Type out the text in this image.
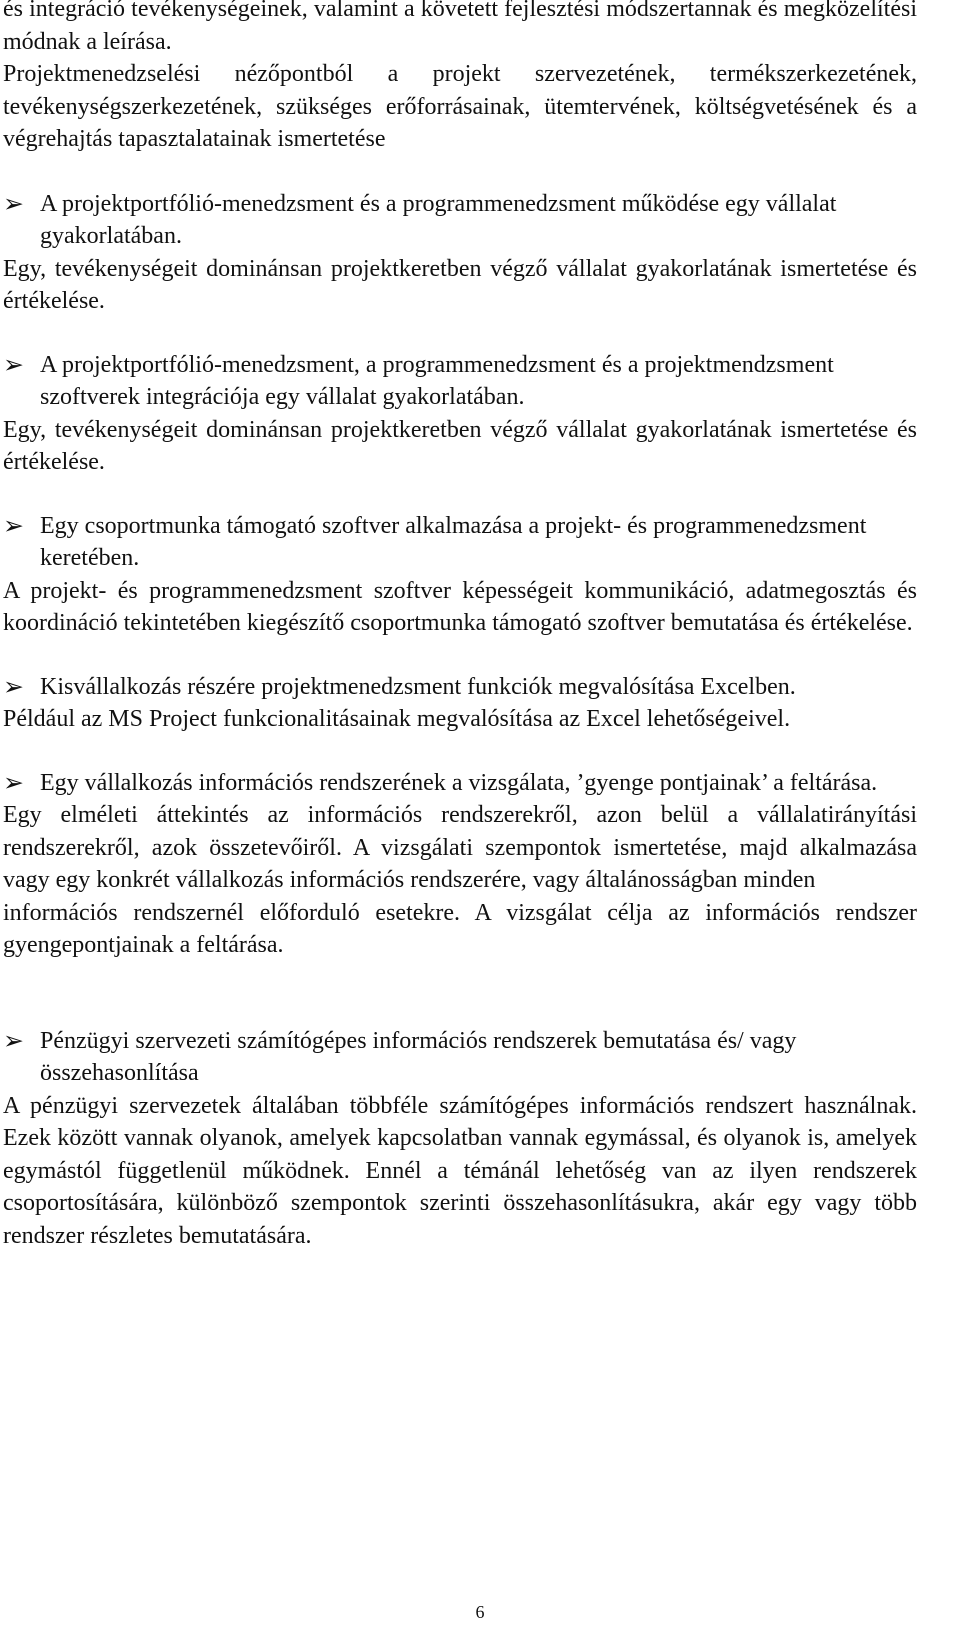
és integráció tevékenységeinek, valamint a követett fejlesztési módszertannak és megközelítési módnak a leírása.

Projektmenedzselési nézőpontból a projekt szervezetének, termékszerkezetének, tevékenységszerkezetének, szükséges erőforrásainak, ütemtervének, költségvetésének és a végrehajtás tapasztalatainak ismertetése

➢ A projektportfólió-menedzsment és a programmenedzsment működése egy vállalat gyakorlatában.

Egy, tevékenységeit dominánsan projektkeretben végző vállalat gyakorlatának ismertetése és értékelése.

➢ A projektportfólió-menedzsment, a programmenedzsment és a projektmendzsment szoftverek integrációja egy vállalat gyakorlatában.

Egy, tevékenységeit dominánsan projektkeretben végző vállalat gyakorlatának ismertetése és értékelése.

➢ Egy csoportmunka támogató szoftver alkalmazása a projekt- és programmenedzsment keretében.

A projekt- és programmenedzsment szoftver képességeit kommunikáció, adatmegosztás és koordináció tekintetében kiegészítő csoportmunka támogató szoftver bemutatása és értékelése.

➢ Kisvállalkozás részére projektmenedzsment funkciók megvalósítása Excelben.

Például az MS Project funkcionalitásainak megvalósítása az Excel lehetőségeivel.

➢ Egy vállalkozás információs rendszerének a vizsgálata, ’gyenge pontjainak’ a feltárása.

Egy elméleti áttekintés az információs rendszerekről, azon belül a vállalatirányítási rendszerekről, azok összetevőiről. A vizsgálati szempontok ismertetése, majd alkalmazása vagy egy konkrét vállalkozás információs rendszerére, vagy általánosságban minden

információs rendszernél előforduló esetekre. A vizsgálat célja az információs rendszer gyengepontjainak a feltárása.

➢ Pénzügyi szervezeti számítógépes információs rendszerek bemutatása és/ vagy összehasonlítása

A pénzügyi szervezetek általában többféle számítógépes információs rendszert használnak. Ezek között vannak olyanok, amelyek kapcsolatban vannak egymással, és olyanok is, amelyek egymástól függetlenül működnek. Ennél a témánál lehetőség van az ilyen rendszerek csoportosítására, különböző szempontok szerinti összehasonlításukra, akár egy vagy több rendszer részletes bemutatására.

6
